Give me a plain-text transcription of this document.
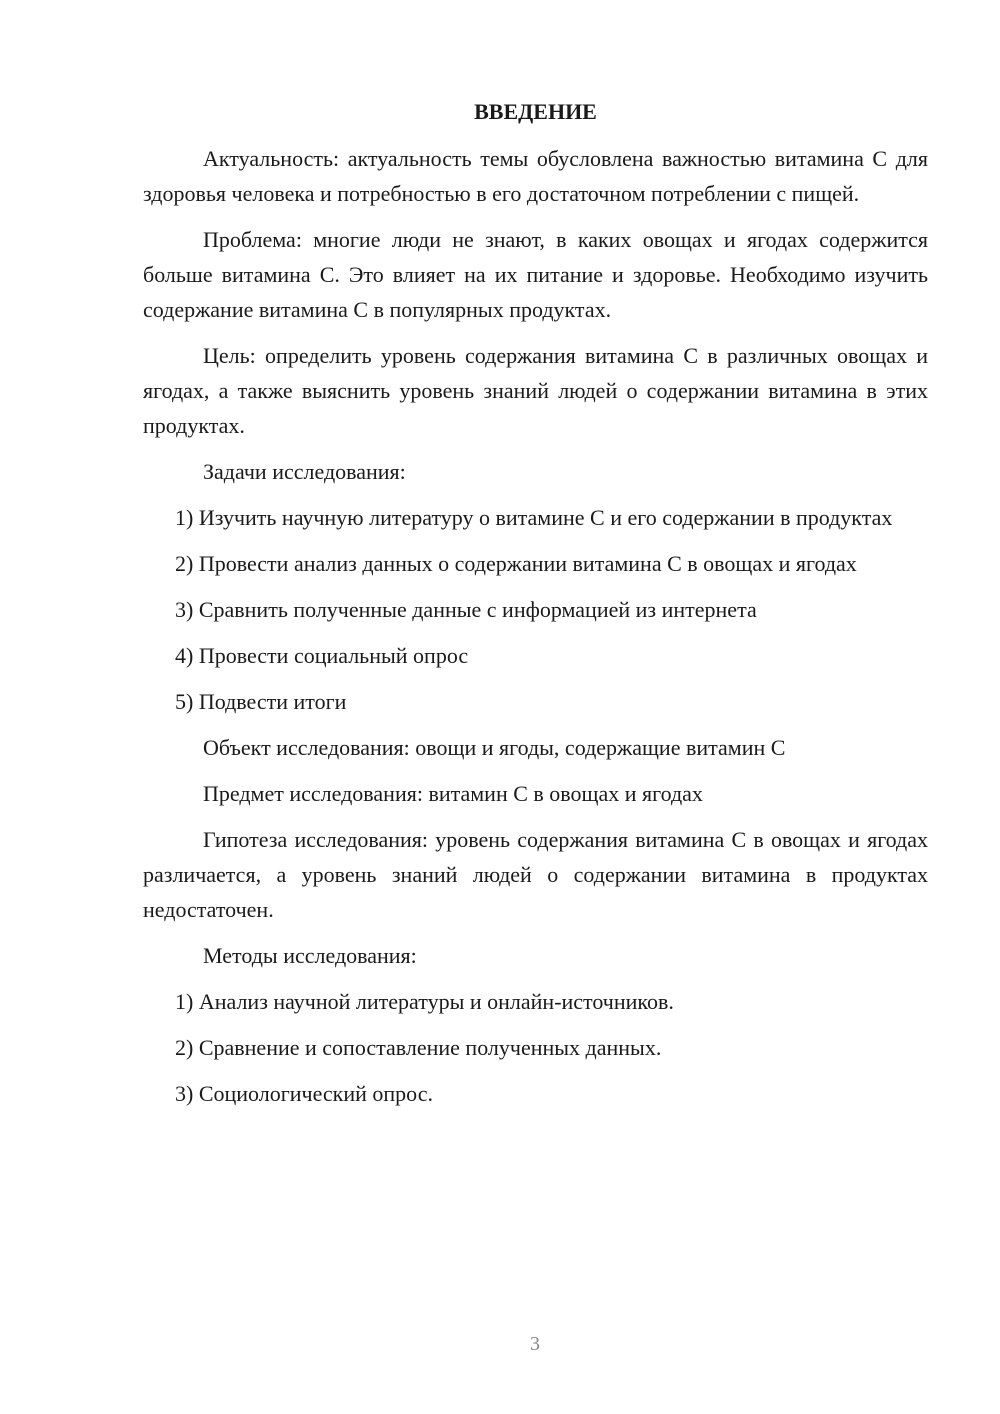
ВВЕДЕНИЕ
Актуальность: актуальность темы обусловлена важностью витамина С для здоровья человека и потребностью в его достаточном потреблении с пищей.
Проблема: многие люди не знают, в каких овощах и ягодах содержится больше витамина С. Это влияет на их питание и здоровье. Необходимо изучить содержание витамина С в популярных продуктах.
Цель: определить уровень содержания витамина С в различных овощах и ягодах, а также выяснить уровень знаний людей о содержании витамина в этих продуктах.
Задачи исследования:
1) Изучить научную литературу о витамине С и его содержании в продуктах
2) Провести анализ данных о содержании витамина С в овощах и ягодах
3) Сравнить полученные данные с информацией из интернета
4) Провести социальный опрос
5) Подвести итоги
Объект исследования: овощи и ягоды, содержащие витамин С
Предмет исследования: витамин С в овощах и ягодах
Гипотеза исследования: уровень содержания витамина С в овощах и ягодах различается, а уровень знаний людей о содержании витамина в продуктах недостаточен.
Методы исследования:
1) Анализ научной литературы и онлайн-источников.
2) Сравнение и сопоставление полученных данных.
3) Социологический опрос.
3
